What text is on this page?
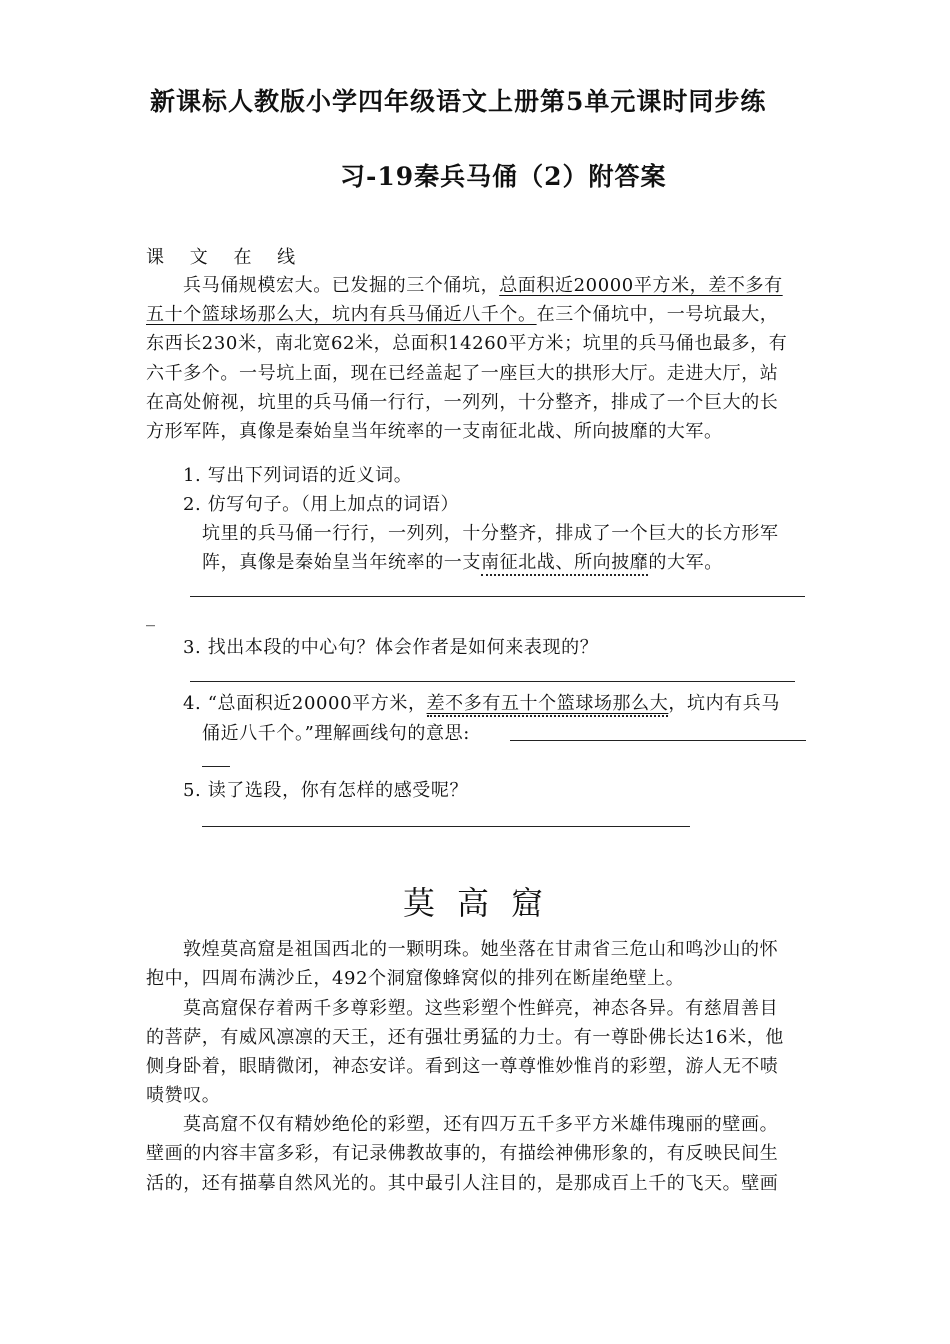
新课标人教版小学四年级语文上册第5单元课时同步练
习-19秦兵马俑（2）附答案
课 文 在 线
兵马俑规模宏大。已发掘的三个俑坑，总面积近20000平方米，差不多有
五十个篮球场那么大，坑内有兵马俑近八千个。在三个俑坑中，一号坑最大，
东西长230米，南北宽62米，总面积14260平方米；坑里的兵马俑也最多，有
六千多个。一号坑上面，现在已经盖起了一座巨大的拱形大厅。走进大厅，站
在高处俯视，坑里的兵马俑一行行，一列列，十分整齐，排成了一个巨大的长
方形军阵，真像是秦始皇当年统率的一支南征北战、所向披靡的大军。
1. 写出下列词语的近义词。
2. 仿写句子。（用上加点的词语）
坑里的兵马俑一行行，一列列，十分整齐，排成了一个巨大的长方形军
阵，真像是秦始皇当年统率的一支南征北战、所向披靡的大军。
_
3. 找出本段的中心句？体会作者是如何来表现的？
4. “总面积近20000平方米，差不多有五十个篮球场那么大，坑内有兵马
俑近八千个。”理解画线句的意思:
5. 读了选段，你有怎样的感受呢？
莫高窟
敦煌莫高窟是祖国西北的一颗明珠。她坐落在甘肃省三危山和鸣沙山的怀
抱中，四周布满沙丘，492个洞窟像蜂窝似的排列在断崖绝壁上。
莫高窟保存着两千多尊彩塑。这些彩塑个性鲜亮，神态各异。有慈眉善目
的菩萨，有威风凛凛的天王，还有强壮勇猛的力士。有一尊卧佛长达16米，他
侧身卧着，眼睛微闭，神态安详。看到这一尊尊惟妙惟肖的彩塑，游人无不啧
啧赞叹。
莫高窟不仅有精妙绝伦的彩塑，还有四万五千多平方米雄伟瑰丽的壁画。
壁画的内容丰富多彩，有记录佛教故事的，有描绘神佛形象的，有反映民间生
活的，还有描摹自然风光的。其中最引人注目的，是那成百上千的飞天。壁画
